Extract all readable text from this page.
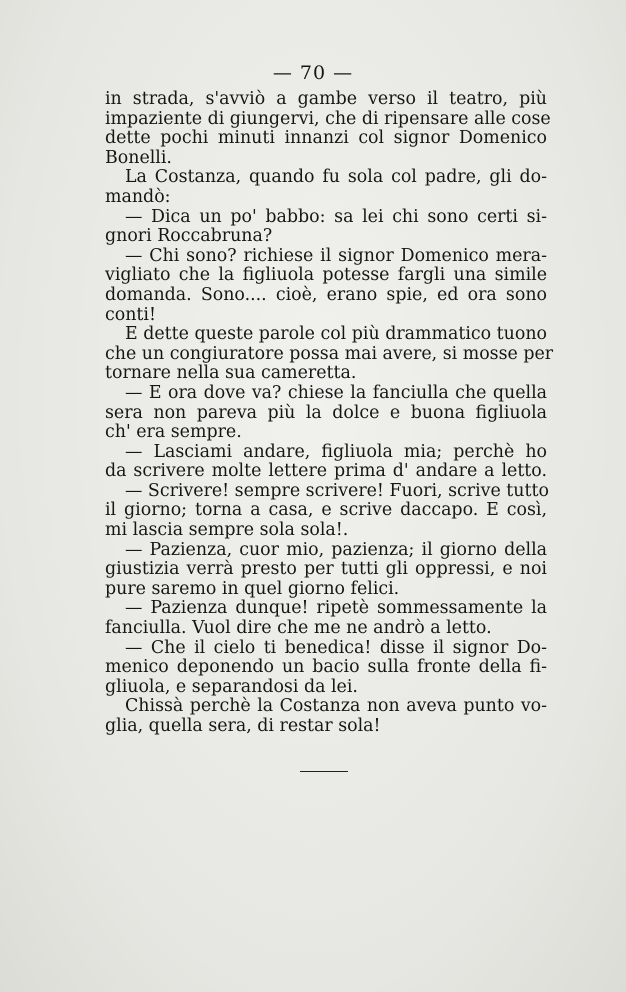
— 70 —
in strada, s'avviò a gambe verso il teatro, più
impaziente di giungervi, che di ripensare alle cose
dette pochi minuti innanzi col signor Domenico
Bonelli.
La Costanza, quando fu sola col padre, gli do-
mandò:
— Dica un po' babbo: sa lei chi sono certi si-
gnori Roccabruna?
— Chi sono? richiese il signor Domenico mera-
vigliato che la figliuola potesse fargli una simile
domanda. Sono.... cioè, erano spie, ed ora sono
conti!
E dette queste parole col più drammatico tuono
che un congiuratore possa mai avere, si mosse per
tornare nella sua cameretta.
— E ora dove va? chiese la fanciulla che quella
sera non pareva più la dolce e buona figliuola
ch' era sempre.
— Lasciami andare, figliuola mia; perchè ho
da scrivere molte lettere prima d' andare a letto.
— Scrivere! sempre scrivere! Fuori, scrive tutto
il giorno; torna a casa, e scrive daccapo. E così,
mi lascia sempre sola sola!.
— Pazienza, cuor mio, pazienza; il giorno della
giustizia verrà presto per tutti gli oppressi, e noi
pure saremo in quel giorno felici.
— Pazienza dunque! ripetè sommessamente la
fanciulla. Vuol dire che me ne andrò a letto.
— Che il cielo ti benedica! disse il signor Do-
menico deponendo un bacio sulla fronte della fi-
gliuola, e separandosi da lei.
Chissà perchè la Costanza non aveva punto vo-
glia, quella sera, di restar sola!
